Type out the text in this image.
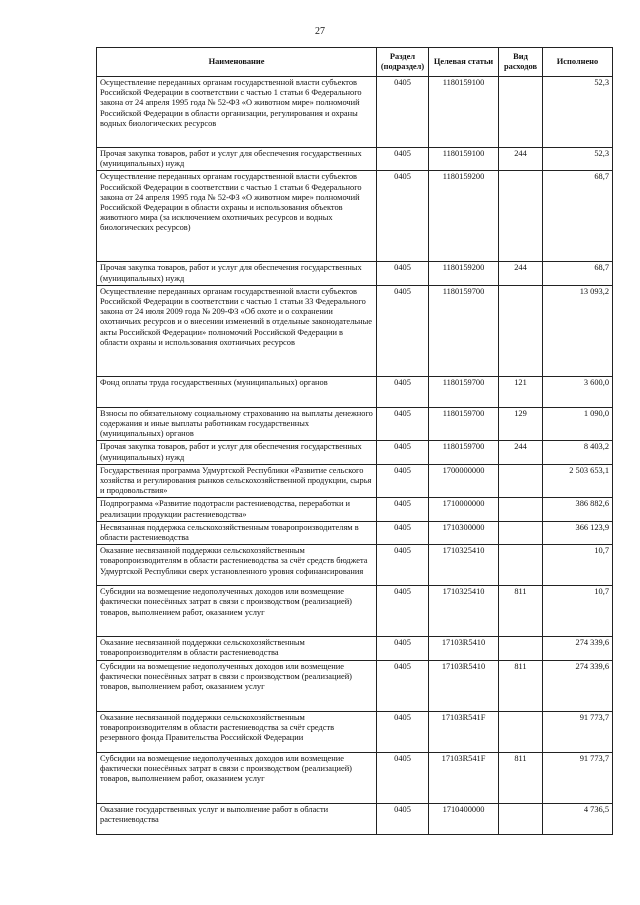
27
Наименование	Раздел (подраздел)	Целевая статьи	Вид расходов	Исполнено
Осуществление переданных органам государственной власти субъектов Российской Федерации в соответствии с частью 1 статьи 6 Федерального закона от 24 апреля 1995 года № 52-ФЗ «О животном мире» полномочий Российской Федерации в области организации, регулирования и охраны водных биологических ресурсов	0405	1180159100		52,3
Прочая закупка товаров, работ и услуг для обеспечения государственных (муниципальных) нужд	0405	1180159100	244	52,3
Осуществление переданных органам государственной власти субъектов Российской Федерации в соответствии с частью 1 статьи 6 Федерального закона от 24 апреля 1995 года № 52-ФЗ «О животном мире» полномочий Российской Федерации в области охраны и использования объектов животного мира (за исключением охотничьих ресурсов и водных биологических ресурсов)	0405	1180159200		68,7
Прочая закупка товаров, работ и услуг для обеспечения государственных (муниципальных) нужд	0405	1180159200	244	68,7
Осуществление переданных органам государственной власти субъектов Российской Федерации в соответствии с частью 1 статьи 33 Федерального закона от 24 июля 2009 года № 209-ФЗ «Об охоте и о сохранении охотничьих ресурсов и о внесении изменений в отдельные законодательные акты Российской Федерации» полномочий Российской Федерации в области охраны и использования охотничьих ресурсов	0405	1180159700		13 093,2
Фонд оплаты труда государственных (муниципальных) органов	0405	1180159700	121	3 600,0
Взносы по обязательному социальному страхованию на выплаты денежного содержания и иные выплаты работникам государственных (муниципальных) органов	0405	1180159700	129	1 090,0
Прочая закупка товаров, работ и услуг для обеспечения государственных (муниципальных) нужд	0405	1180159700	244	8 403,2
Государственная программа Удмуртской Республики «Развитие сельского хозяйства и регулирования рынков сельскохозяйственной продукции, сырья и продовольствия»	0405	1700000000		2 503 653,1
Подпрограмма «Развитие подотрасли растениеводства, переработки и реализации продукции растениеводства»	0405	1710000000		386 882,6
Несвязанная поддержка сельскохозяйственным товаропроизводителям в области растениеводства	0405	1710300000		366 123,9
Оказание несвязанной поддержки сельскохозяйственным товаропроизводителям в области растениеводства за счёт средств бюджета Удмуртской Республики сверх установленного уровня софинансирования	0405	1710325410		10,7
Субсидии на возмещение недополученных доходов или возмещение фактически понесённых затрат в связи с производством (реализацией) товаров, выполнением работ, оказанием услуг	0405	1710325410	811	10,7
Оказание несвязанной поддержки сельскохозяйственным товаропроизводителям в области растениеводства	0405	17103R5410		274 339,6
Субсидии на возмещение недополученных доходов или возмещение фактически понесённых затрат в связи с производством (реализацией) товаров, выполнением работ, оказанием услуг	0405	17103R5410	811	274 339,6
Оказание несвязанной поддержки сельскохозяйственным товаропроизводителям в области растениеводства за счёт средств резервного фонда Правительства Российской Федерации	0405	17103R541F		91 773,7
Субсидии на возмещение недополученных доходов или возмещение фактически понесённых затрат в связи с производством (реализацией) товаров, выполнением работ, оказанием услуг	0405	17103R541F	811	91 773,7
Оказание государственных услуг и выполнение работ в области растениеводства	0405	1710400000		4 736,5
